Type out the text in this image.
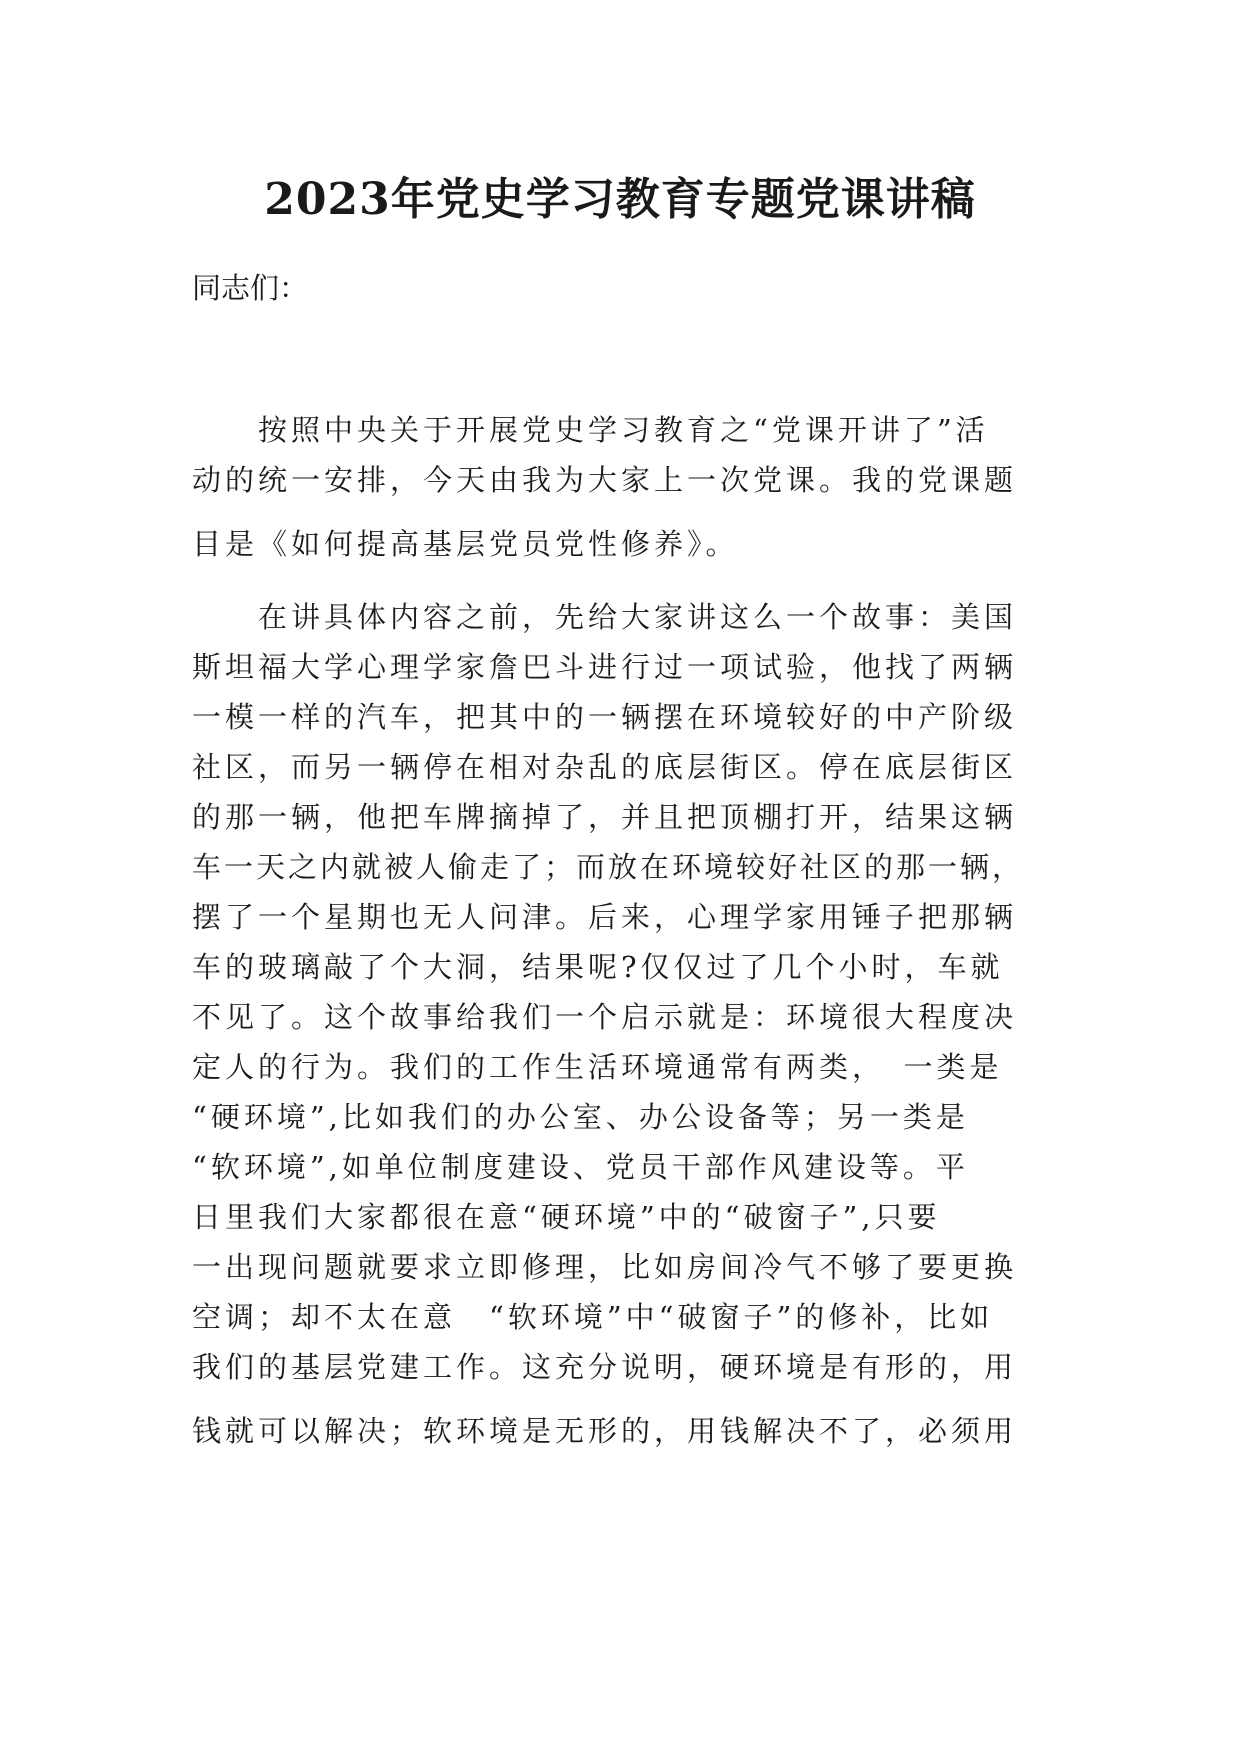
2023年党史学习教育专题党课讲稿
同志们：
　　按照中央关于开展党史学习教育之“党课开讲了”活
动的统一安排，今天由我为大家上一次党课。我的党课题
目是《如何提高基层党员党性修养》。
　　在讲具体内容之前，先给大家讲这么一个故事：美国
斯坦福大学心理学家詹巴斗进行过一项试验，他找了两辆
一模一样的汽车，把其中的一辆摆在环境较好的中产阶级
社区，而另一辆停在相对杂乱的底层街区。停在底层街区
的那一辆，他把车牌摘掉了，并且把顶棚打开，结果这辆
车一天之内就被人偷走了；而放在环境较好社区的那一辆，
摆了一个星期也无人问津。后来，心理学家用锤子把那辆
车的玻璃敲了个大洞，结果呢?仅仅过了几个小时，车就
不见了。这个故事给我们一个启示就是：环境很大程度决
定人的行为。我们的工作生活环境通常有两类，　一类是
“硬环境”,比如我们的办公室、办公设备等；另一类是
“软环境”,如单位制度建设、党员干部作风建设等。平
日里我们大家都很在意“硬环境”中的“破窗子”,只要
一出现问题就要求立即修理，比如房间冷气不够了要更换
空调；却不太在意　“软环境”中“破窗子”的修补，比如
我们的基层党建工作。这充分说明，硬环境是有形的，用
钱就可以解决；软环境是无形的，用钱解决不了，必须用
